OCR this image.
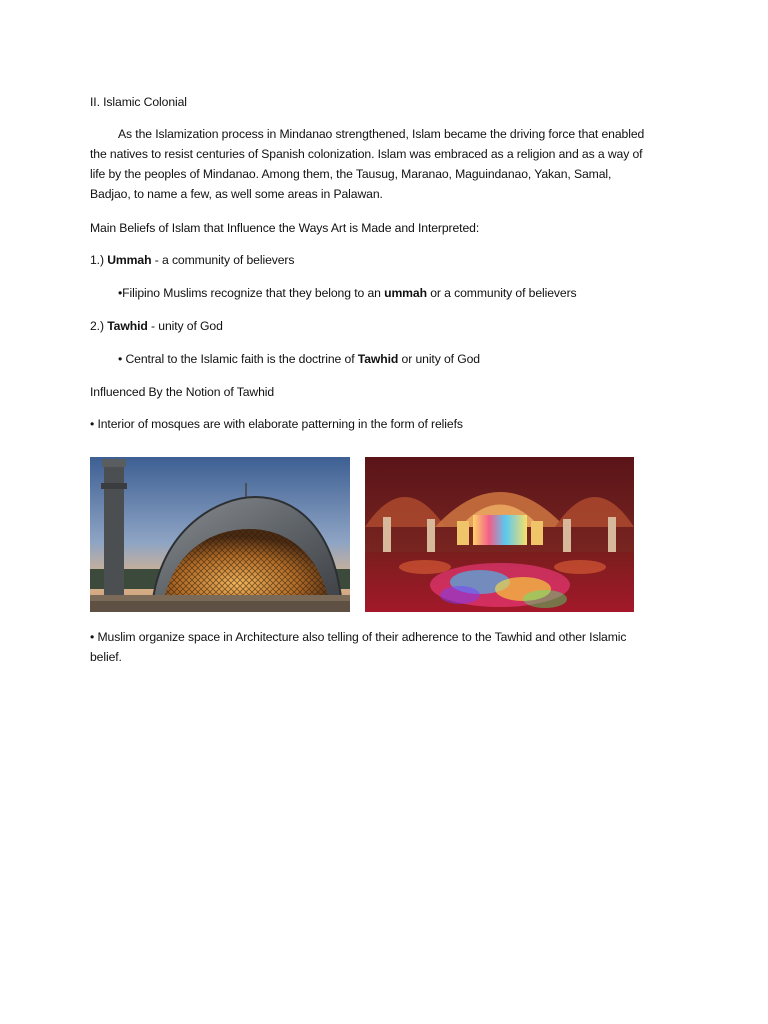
II. Islamic Colonial
As the Islamization process in Mindanao strengthened, Islam became the driving force that enabled
the natives to resist centuries of Spanish colonization. Islam was embraced as a religion and as a way of
life by the peoples of Mindanao. Among them, the Tausug, Maranao, Maguindanao, Yakan, Samal,
Badjao, to name a few, as well some areas in Palawan.
Main Beliefs of Islam that Influence the Ways Art is Made and Interpreted:
1.) Ummah - a community of believers
•Filipino Muslims recognize that they belong to an ummah or a community of believers
2.) Tawhid - unity of God
• Central to the Islamic faith is the doctrine of Tawhid or unity of God
Influenced By the Notion of Tawhid
• Interior of mosques are with elaborate patterning in the form of reliefs
• Muslim organize space in Architecture also telling of their adherence to the Tawhid and other Islamic
belief.
